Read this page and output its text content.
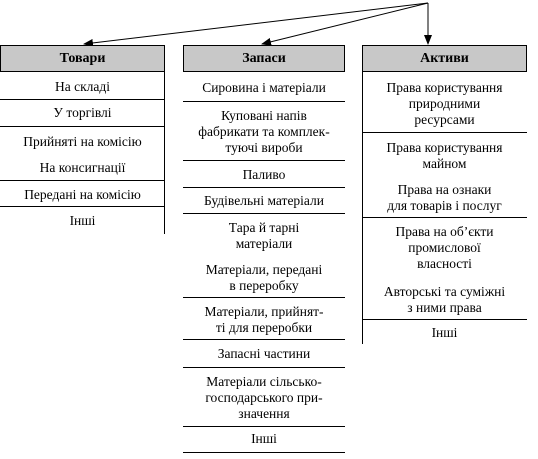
Товари
На складі
У торгівлі
Прийняті на комісію
На консигнації
Передані на комісію
Інші
Запаси
Сировина і матеріали
Куповані напів
фабрикати та комплек-
туючі вироби
Паливо
Будівельні матеріали
Тара й тарні
матеріали
Матеріали, передані
в переробку
Матеріали, прийнят-
ті для переробки
Запасні частини
Матеріали сільсько-
господарського при-
значення
Інші
Активи
Права користування
природними
ресурсами
Права користування
майном
Права на ознаки
для товарів і послуг
Права на об’єкти
промислової
власності
Авторські та суміжні
з ними права
Інші
